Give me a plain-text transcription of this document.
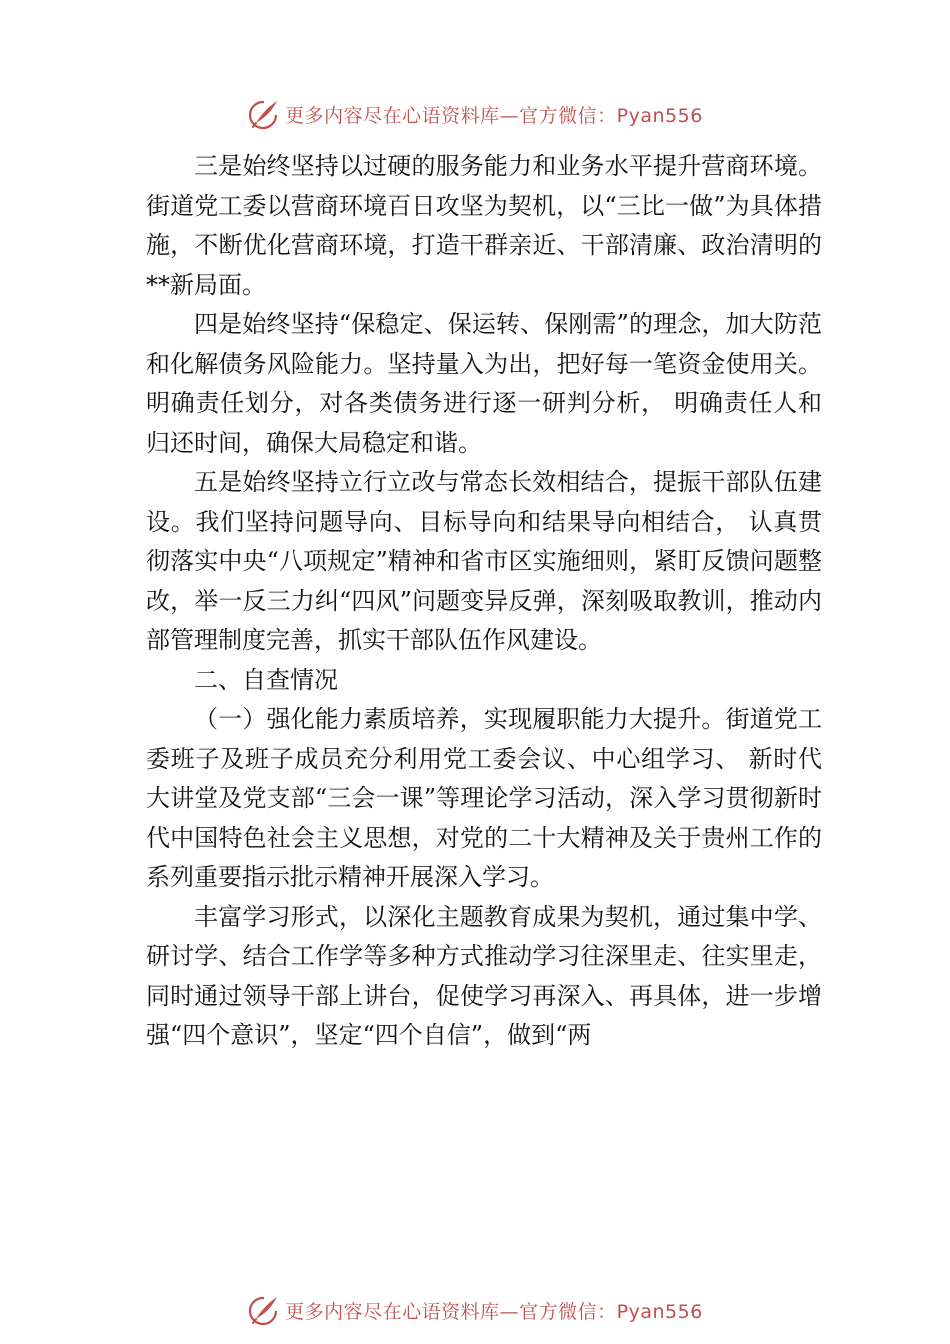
更多内容尽在心语资料库—官方微信：Pyan556

三是始终坚持以过硬的服务能力和业务水平提升营商环境。街道党工委以营商环境百日攻坚为契机，以“三比一做”为具体措施，不断优化营商环境，打造干群亲近、干部清廉、政治清明的**新局面。

四是始终坚持“保稳定、保运转、保刚需”的理念，加大防范和化解债务风险能力。坚持量入为出，把好每一笔资金使用关。明确责任划分，对各类债务进行逐一研判分析， 明确责任人和归还时间，确保大局稳定和谐。

五是始终坚持立行立改与常态长效相结合，提振干部队伍建设。我们坚持问题导向、目标导向和结果导向相结合， 认真贯彻落实中央“八项规定”精神和省市区实施细则，紧盯反馈问题整改，举一反三力纠“四风”问题变异反弹，深刻吸取教训，推动内部管理制度完善，抓实干部队伍作风建设。

二、自查情况

（一）强化能力素质培养，实现履职能力大提升。街道党工委班子及班子成员充分利用党工委会议、中心组学习、 新时代大讲堂及党支部“三会一课”等理论学习活动，深入学习贯彻新时代中国特色社会主义思想，对党的二十大精神及关于贵州工作的系列重要指示批示精神开展深入学习。

丰富学习形式，以深化主题教育成果为契机，通过集中学、研讨学、结合工作学等多种方式推动学习往深里走、往实里走，同时通过领导干部上讲台，促使学习再深入、再具体，进一步增强“四个意识”，坚定“四个自信”，做到“两

更多内容尽在心语资料库—官方微信：Pyan556
